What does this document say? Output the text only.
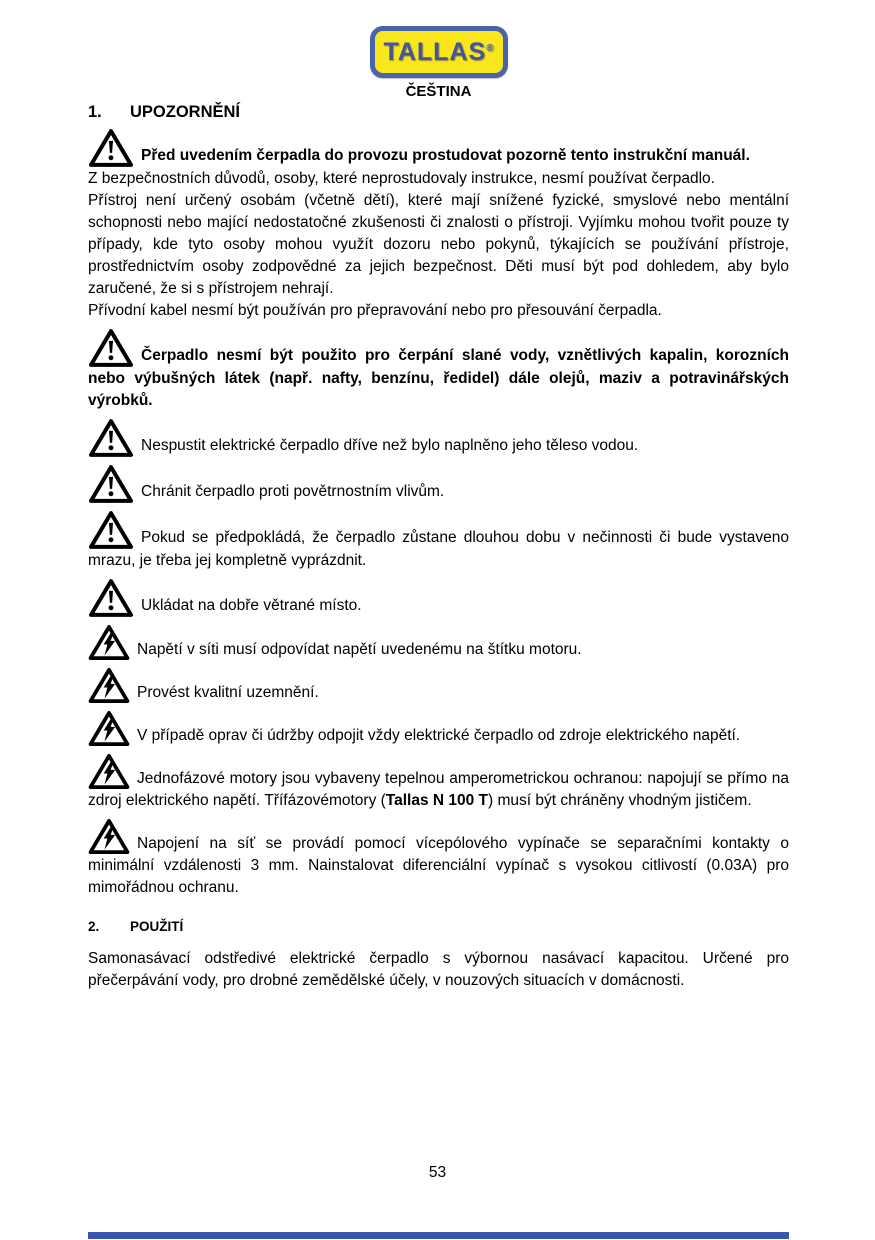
TALLAS®
ČEŠTINA
1. UPOZORNĚNÍ

Před uvedením čerpadla do provozu prostudovat pozorně tento instrukční manuál.

Z bezpečnostních důvodů, osoby, které neprostudovaly instrukce, nesmí používat čerpadlo.

Přístroj není určený osobám (včetně dětí), které mají snížené fyzické, smyslové nebo mentální schopnosti nebo mající nedostatočné zkušenosti či znalosti o přístroji. Vyjímku mohou tvořit pouze ty případy, kde tyto osoby mohou využít dozoru nebo pokynů, týkajících se používání přístroje, prostřednictvím osoby zodpovědné za jejich bezpečnost. Děti musí být pod dohledem, aby bylo zaručené, že si s přístrojem nehrají.

Přívodní kabel nesmí být používán pro přepravování nebo pro přesouvání čerpadla.

Čerpadlo nesmí být použito pro čerpání slané vody, vznětlivých kapalin, korozních nebo výbušných látek (např. nafty, benzínu, ředidel) dále olejů, maziv a potravinářských výrobků.

Nespustit elektrické čerpadlo dříve než bylo naplněno jeho těleso vodou.

Chránit čerpadlo proti povětrnostním vlivům.

Pokud se předpokládá, že čerpadlo zůstane dlouhou dobu v nečinnosti či bude vystaveno mrazu, je třeba jej kompletně vyprázdnit.

Ukládat na dobře větrané místo.

Napětí v síti musí odpovídat napětí uvedenému na štítku motoru.

Provést kvalitní uzemnění.

V případě oprav či údržby odpojit vždy elektrické čerpadlo od zdroje elektrického napětí.

Jednofázové motory jsou vybaveny tepelnou amperometrickou ochranou: napojují se přímo na zdroj elektrického napětí. Třífázovémotory (Tallas N 100 T) musí být chráněny vhodným jističem.

Napojení na síť se provádí pomocí vícepólového vypínače se separačními kontakty o minimální vzdálenosti 3 mm. Nainstalovat diferenciální vypínač s vysokou citlivostí (0.03A) pro mimořádnou ochranu.

2. POUŽITÍ

Samonasávací odstředivé elektrické čerpadlo s výbornou nasávací kapacitou. Určené pro přečerpávání vody, pro drobné zemědělské účely, v nouzových situacích v domácnosti.

53
